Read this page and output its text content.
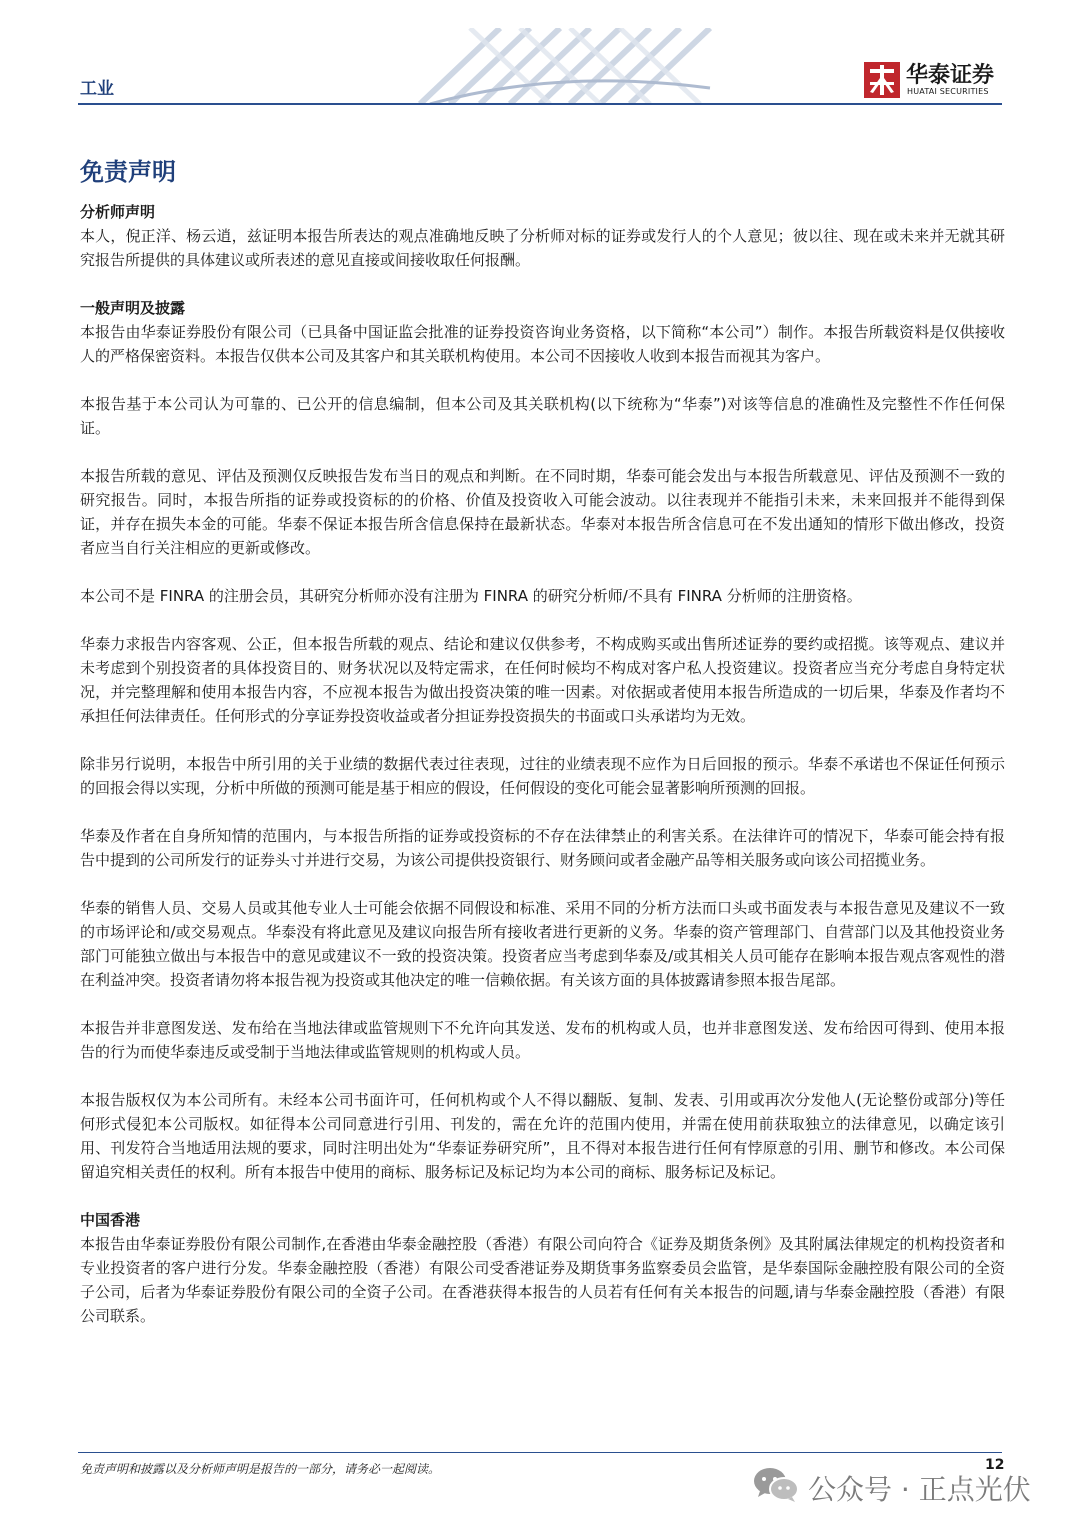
工业
华泰证券
HUATAI SECURITIES
免责声明

分析师声明

本人，倪正洋、杨云逍，兹证明本报告所表达的观点准确地反映了分析师对标的证券或发行人的个人意见；彼以往、现在或未来并无就其研究报告所提供的具体建议或所表述的意见直接或间接收取任何报酬。

一般声明及披露

本报告由华泰证券股份有限公司（已具备中国证监会批准的证券投资咨询业务资格，以下简称“本公司”）制作。本报告所载资料是仅供接收人的严格保密资料。本报告仅供本公司及其客户和其关联机构使用。本公司不因接收人收到本报告而视其为客户。

本报告基于本公司认为可靠的、已公开的信息编制，但本公司及其关联机构(以下统称为“华泰”)对该等信息的准确性及完整性不作任何保证。

本报告所载的意见、评估及预测仅反映报告发布当日的观点和判断。在不同时期，华泰可能会发出与本报告所载意见、评估及预测不一致的研究报告。同时，本报告所指的证券或投资标的的价格、价值及投资收入可能会波动。以往表现并不能指引未来，未来回报并不能得到保证，并存在损失本金的可能。华泰不保证本报告所含信息保持在最新状态。华泰对本报告所含信息可在不发出通知的情形下做出修改，投资者应当自行关注相应的更新或修改。

本公司不是 FINRA 的注册会员，其研究分析师亦没有注册为 FINRA 的研究分析师/不具有 FINRA 分析师的注册资格。

华泰力求报告内容客观、公正，但本报告所载的观点、结论和建议仅供参考，不构成购买或出售所述证券的要约或招揽。该等观点、建议并未考虑到个别投资者的具体投资目的、财务状况以及特定需求，在任何时候均不构成对客户私人投资建议。投资者应当充分考虑自身特定状况，并完整理解和使用本报告内容，不应视本报告为做出投资决策的唯一因素。对依据或者使用本报告所造成的一切后果，华泰及作者均不承担任何法律责任。任何形式的分享证券投资收益或者分担证券投资损失的书面或口头承诺均为无效。

除非另行说明，本报告中所引用的关于业绩的数据代表过往表现，过往的业绩表现不应作为日后回报的预示。华泰不承诺也不保证任何预示的回报会得以实现，分析中所做的预测可能是基于相应的假设，任何假设的变化可能会显著影响所预测的回报。

华泰及作者在自身所知情的范围内，与本报告所指的证券或投资标的不存在法律禁止的利害关系。在法律许可的情况下，华泰可能会持有报告中提到的公司所发行的证券头寸并进行交易，为该公司提供投资银行、财务顾问或者金融产品等相关服务或向该公司招揽业务。

华泰的销售人员、交易人员或其他专业人士可能会依据不同假设和标准、采用不同的分析方法而口头或书面发表与本报告意见及建议不一致的市场评论和/或交易观点。华泰没有将此意见及建议向报告所有接收者进行更新的义务。华泰的资产管理部门、自营部门以及其他投资业务部门可能独立做出与本报告中的意见或建议不一致的投资决策。投资者应当考虑到华泰及/或其相关人员可能存在影响本报告观点客观性的潜在利益冲突。投资者请勿将本报告视为投资或其他决定的唯一信赖依据。有关该方面的具体披露请参照本报告尾部。

本报告并非意图发送、发布给在当地法律或监管规则下不允许向其发送、发布的机构或人员，也并非意图发送、发布给因可得到、使用本报告的行为而使华泰违反或受制于当地法律或监管规则的机构或人员。

本报告版权仅为本公司所有。未经本公司书面许可，任何机构或个人不得以翻版、复制、发表、引用或再次分发他人(无论整份或部分)等任何形式侵犯本公司版权。如征得本公司同意进行引用、刊发的，需在允许的范围内使用，并需在使用前获取独立的法律意见，以确定该引用、刊发符合当地适用法规的要求，同时注明出处为“华泰证券研究所”，且不得对本报告进行任何有悖原意的引用、删节和修改。本公司保留追究相关责任的权利。所有本报告中使用的商标、服务标记及标记均为本公司的商标、服务标记及标记。

中国香港

本报告由华泰证券股份有限公司制作,在香港由华泰金融控股（香港）有限公司向符合《证券及期货条例》及其附属法律规定的机构投资者和专业投资者的客户进行分发。华泰金融控股（香港）有限公司受香港证券及期货事务监察委员会监管，是华泰国际金融控股有限公司的全资子公司，后者为华泰证券股份有限公司的全资子公司。在香港获得本报告的人员若有任何有关本报告的问题,请与华泰金融控股（香港）有限公司联系。

免责声明和披露以及分析师声明是报告的一部分，请务必一起阅读。	12
公众号 · 正点光伏
